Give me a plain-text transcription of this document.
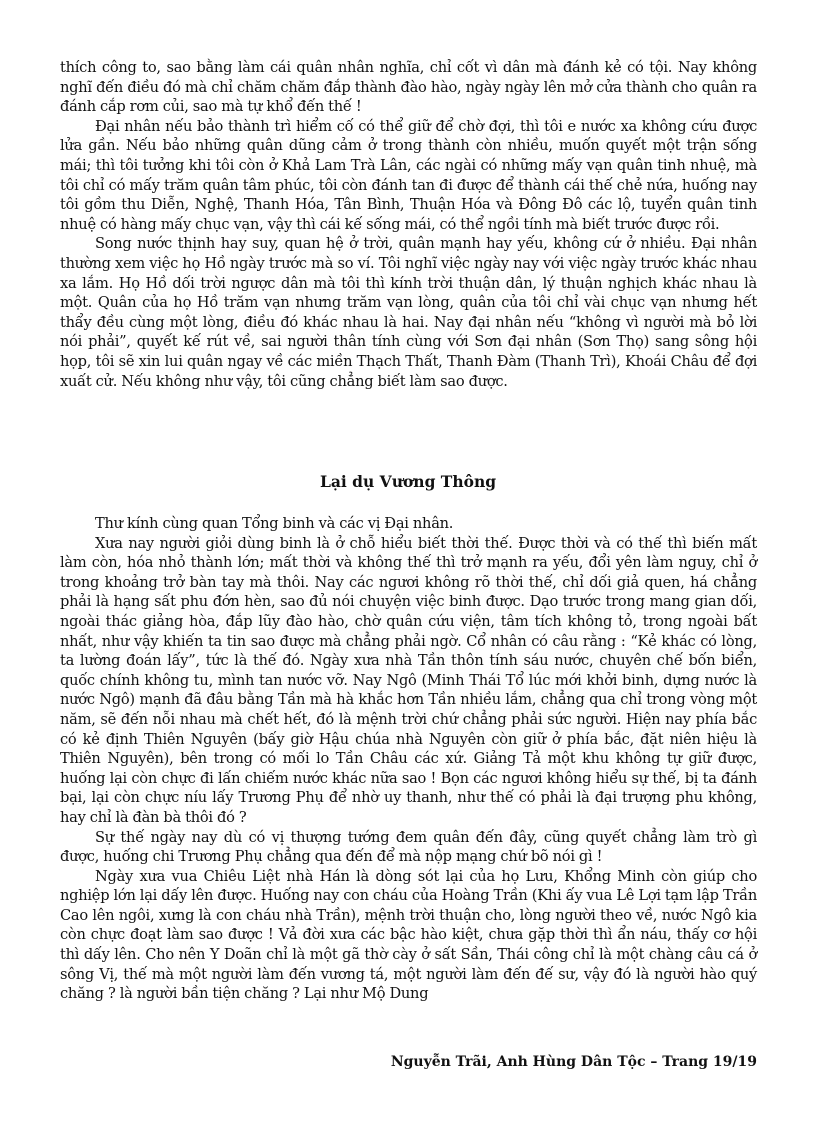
thích công to, sao bằng làm cái quân nhân nghĩa, chỉ cốt vì dân mà đánh kẻ có tội. Nay không nghĩ đến điều đó mà chỉ chăm chăm đắp thành đào hào, ngày ngày lên mở cửa thành cho quân ra đánh cắp rơm củi, sao mà tự khổ đến thế !

Đại nhân nếu bảo thành trì hiểm cố có thể giữ để chờ đợi, thì tôi e nước xa không cứu được lửa gần. Nếu bảo những quân dũng cảm ở trong thành còn nhiều, muốn quyết một trận sống mái; thì tôi tưởng khi tôi còn ở Khả Lam Trà Lân, các ngài có những mấy vạn quân tinh nhuệ, mà tôi chỉ có mấy trăm quân tâm phúc, tôi còn đánh tan đi được để thành cái thế chẻ nứa, huống nay tôi gồm thu Diễn, Nghệ, Thanh Hóa, Tân Bình, Thuận Hóa và Đông Đô các lộ, tuyển quân tinh nhuệ có hàng mấy chục vạn, vậy thì cái kế sống mái, có thể ngồi tính mà biết trước được rồi.

Song nước thịnh hay suy, quan hệ ở trời, quân mạnh hay yếu, không cứ ở nhiều. Đại nhân thường xem việc họ Hồ ngày trước mà so ví. Tôi nghĩ việc ngày nay với việc ngày trước khác nhau xa lắm. Họ Hồ dối trời ngược dân mà tôi thì kính trời thuận dân, lý thuận nghịch khác nhau là một. Quân của họ Hồ trăm vạn nhưng trăm vạn lòng, quân của tôi chỉ vài chục vạn nhưng hết thẩy đều cùng một lòng, điều đó khác nhau là hai. Nay đại nhân nếu “không vì người mà bỏ lời nói phải”, quyết kế rút về, sai người thân tính cùng với Sơn đại nhân (Sơn Thọ) sang sông hội họp, tôi sẽ xin lui quân ngay về các miền Thạch Thất, Thanh Đàm (Thanh Trì), Khoái Châu để đợi xuất cử. Nếu không như vậy, tôi cũng chẳng biết làm sao được.

Lại dụ Vương Thông

Thư kính cùng quan Tổng binh và các vị Đại nhân.

Xưa nay người giỏi dùng binh là ở chỗ hiểu biết thời thế. Được thời và có thế thì biến mất làm còn, hóa nhỏ thành lớn; mất thời và không thế thì trở mạnh ra yếu, đổi yên làm nguy, chỉ ở trong khoảng trở bàn tay mà thôi. Nay các ngươi không rõ thời thế, chỉ dối giả quen, há chẳng phải là hạng sất phu đớn hèn, sao đủ nói chuyện việc binh được. Dạo trước trong mang gian dối, ngoài thác giảng hòa, đắp lũy đào hào, chờ quân cứu viện, tâm tích không tỏ, trong ngoài bất nhất, như vậy khiến ta tin sao được mà chẳng phải ngờ. Cổ nhân có câu rằng : “Kẻ khác có lòng, ta lường đoán lấy”, tức là thế đó. Ngày xưa nhà Tần thôn tính sáu nước, chuyên chế bốn biển, quốc chính không tu, mình tan nước vỡ. Nay Ngô (Minh Thái Tổ lúc mới khởi binh, dựng nước là nước Ngô) mạnh đã đâu bằng Tần mà hà khắc hơn Tần nhiều lắm, chẳng qua chỉ trong vòng một năm, sẽ đến nỗi nhau mà chết hết, đó là mệnh trời chứ chẳng phải sức người. Hiện nay phía bắc có kẻ định Thiên Nguyên (bấy giờ Hậu chúa nhà Nguyên còn giữ ở phía bắc, đặt niên hiệu là Thiên Nguyên), bên trong có mối lo Tần Châu các xứ. Giảng Tả một khu không tự giữ được, huống lại còn chực đi lấn chiếm nước khác nữa sao ! Bọn các ngươi không hiểu sự thế, bị ta đánh bại, lại còn chực níu lấy Trương Phụ để nhờ uy thanh, như thế có phải là đại trượng phu không, hay chỉ là đàn bà thôi đó ?

Sự thế ngày nay dù có vị thượng tướng đem quân đến đây, cũng quyết chẳng làm trò gì được, huống chi Trương Phụ chẳng qua đến để mà nộp mạng chứ bõ nói gì !

Ngày xưa vua Chiêu Liệt nhà Hán là dòng sót lại của họ Lưu, Khổng Minh còn giúp cho nghiệp lớn lại dấy lên được. Huống nay con cháu của Hoàng Trần (Khi ấy vua Lê Lợi tạm lập Trần Cao lên ngôi, xưng là con cháu nhà Trần), mệnh trời thuận cho, lòng người theo về, nước Ngô kia còn chực đoạt làm sao được ! Vả đời xưa các bậc hào kiệt, chưa gặp thời thì ẩn náu, thấy cơ hội thì dấy lên. Cho nên Y Doãn chỉ là một gã thờ cày ở sất Sần, Thái công chỉ là một chàng câu cá ở sông Vị, thế mà một người làm đến vương tá, một người làm đến đế sư, vậy đó là người hào quý chăng ? là người bần tiện chăng ? Lại như Mộ Dung

Nguyễn Trãi, Anh Hùng Dân Tộc – Trang 19/19
